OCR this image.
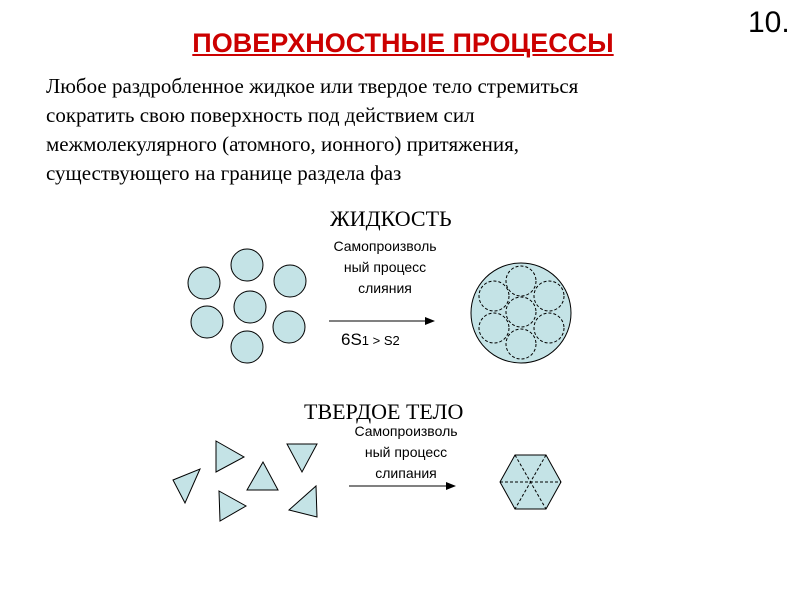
10.
ПОВЕРХНОСТНЫЕ ПРОЦЕССЫ
Любое раздробленное жидкое или твердое тело стремиться
сократить свою поверхность под действием сил
межмолекулярного (атомного, ионного) притяжения,
существующего на границе раздела фаз
ЖИДКОСТЬ
Самопроизволь
ный процесс
слияния
6S1 > S2
ТВЕРДОЕ ТЕЛО
Самопроизволь
ный процесс
слипания
